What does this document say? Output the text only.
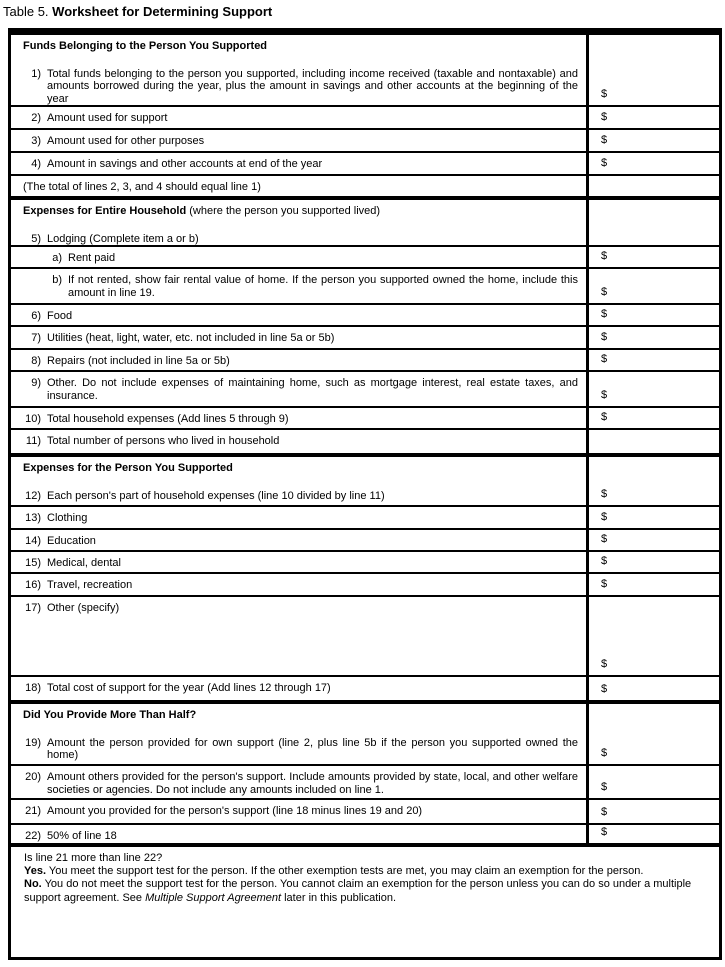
Table 5. Worksheet for Determining Support
Funds Belonging to the Person You Supported
1) Total funds belonging to the person you supported, including income received (taxable and nontaxable) and amounts borrowed during the year, plus the amount in savings and other accounts at the beginning of the year	$
2) Amount used for support	$
3) Amount used for other purposes	$
4) Amount in savings and other accounts at end of the year	$
(The total of lines 2, 3, and 4 should equal line 1)
Expenses for Entire Household (where the person you supported lived)
5) Lodging (Complete item a or b)
a) Rent paid	$
b) If not rented, show fair rental value of home. If the person you supported owned the home, include this amount in line 19.	$
6) Food	$
7) Utilities (heat, light, water, etc. not included in line 5a or 5b)	$
8) Repairs (not included in line 5a or 5b)	$
9) Other. Do not include expenses of maintaining home, such as mortgage interest, real estate taxes, and insurance.	$
10) Total household expenses (Add lines 5 through 9)	$
11) Total number of persons who lived in household
Expenses for the Person You Supported
12) Each person's part of household expenses (line 10 divided by line 11)	$
13) Clothing	$
14) Education	$
15) Medical, dental	$
16) Travel, recreation	$
17) Other (specify)
$
18) Total cost of support for the year (Add lines 12 through 17)	$
Did You Provide More Than Half?
19) Amount the person provided for own support (line 2, plus line 5b if the person you supported owned the home)	$
20) Amount others provided for the person's support. Include amounts provided by state, local, and other welfare societies or agencies. Do not include any amounts included on line 1.	$
21) Amount you provided for the person's support (line 18 minus lines 19 and 20)	$
22) 50% of line 18	$
Is line 21 more than line 22?
Yes. You meet the support test for the person. If the other exemption tests are met, you may claim an exemption for the person.
No. You do not meet the support test for the person. You cannot claim an exemption for the person unless you can do so under a multiple support agreement. See Multiple Support Agreement later in this publication.
